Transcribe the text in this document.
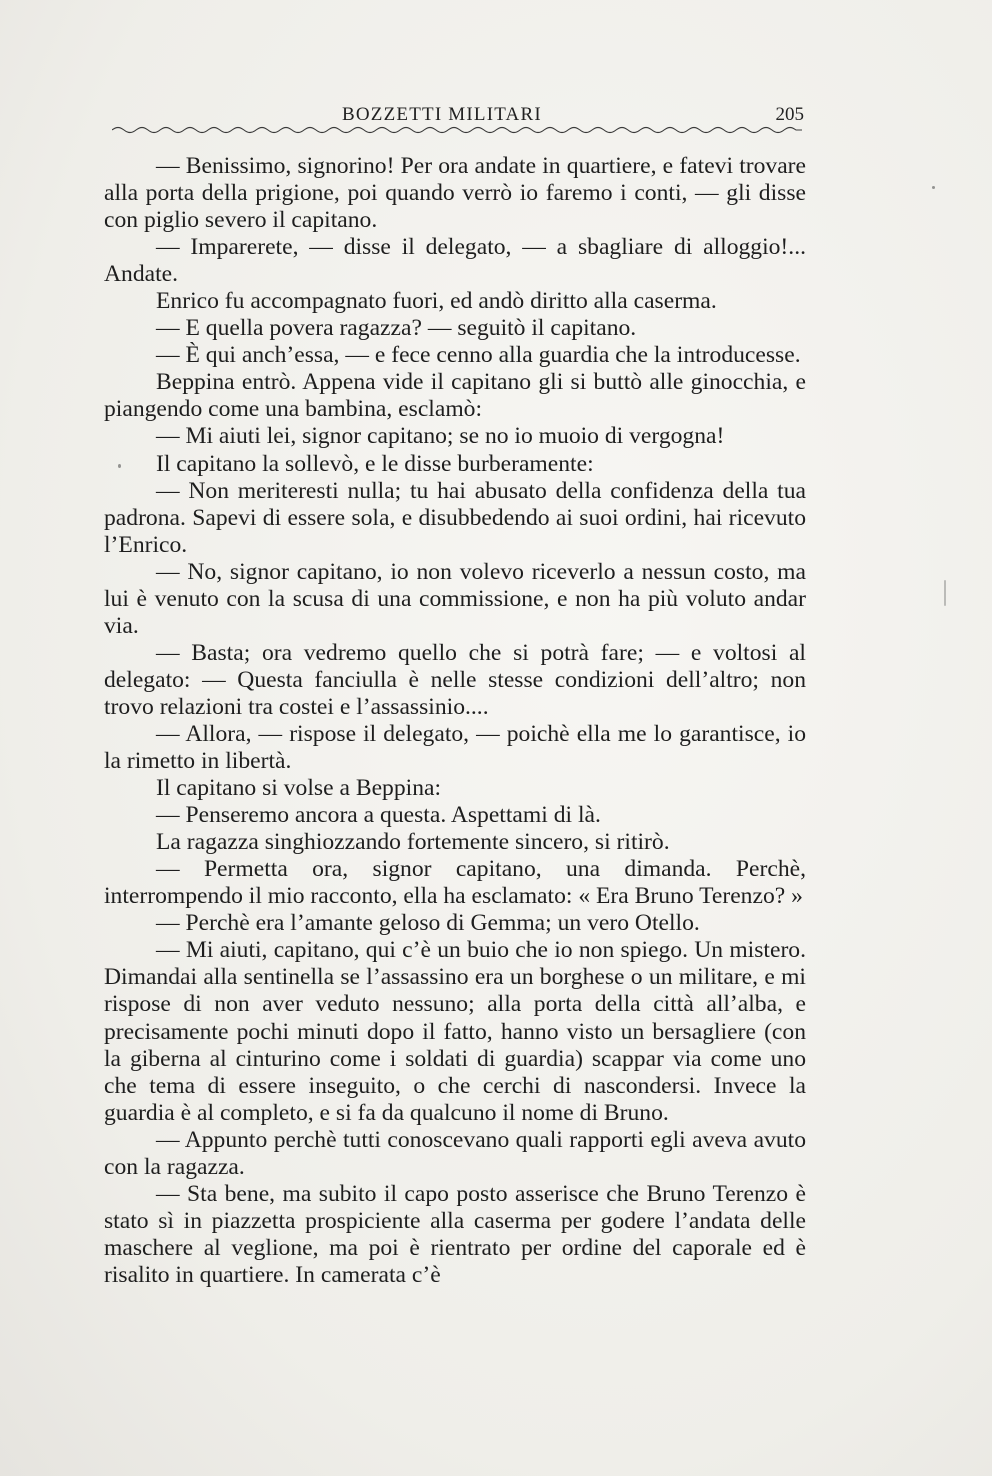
BOZZETTI MILITARI	205

— Benissimo, signorino! Per ora andate in quartiere, e fatevi trovare alla porta della prigione, poi quando verrò io faremo i conti, — gli disse con piglio severo il capitano.

— Imparerete, — disse il delegato, — a sbagliare di alloggio!... Andate.

Enrico fu accompagnato fuori, ed andò diritto alla caserma.

— E quella povera ragazza? — seguitò il capitano.

— È qui anch’essa, — e fece cenno alla guardia che la introducesse.

Beppina entrò. Appena vide il capitano gli si buttò alle ginocchia, e piangendo come una bambina, esclamò:

— Mi aiuti lei, signor capitano; se no io muoio di vergogna!

Il capitano la sollevò, e le disse burberamente:

— Non meriteresti nulla; tu hai abusato della confidenza della tua padrona. Sapevi di essere sola, e disubbedendo ai suoi ordini, hai ricevuto l’Enrico.

— No, signor capitano, io non volevo riceverlo a nessun costo, ma lui è venuto con la scusa di una commissione, e non ha più voluto andar via.

— Basta; ora vedremo quello che si potrà fare; — e voltosi al delegato: — Questa fanciulla è nelle stesse condizioni dell’altro; non trovo relazioni tra costei e l’assassinio....

— Allora, — rispose il delegato, — poichè ella me lo garantisce, io la rimetto in libertà.

Il capitano si volse a Beppina:

— Penseremo ancora a questa. Aspettami di là.

La ragazza singhiozzando fortemente sincero, si ritirò.

— Permetta ora, signor capitano, una dimanda. Perchè, interrompendo il mio racconto, ella ha esclamato: « Era Bruno Terenzo? »

— Perchè era l’amante geloso di Gemma; un vero Otello.

— Mi aiuti, capitano, qui c’è un buio che io non spiego. Un mistero. Dimandai alla sentinella se l’assassino era un borghese o un militare, e mi rispose di non aver veduto nessuno; alla porta della città all’alba, e precisamente pochi minuti dopo il fatto, hanno visto un bersagliere (con la giberna al cinturino come i soldati di guardia) scappar via come uno che tema di essere inseguito, o che cerchi di nascondersi. Invece la guardia è al completo, e si fa da qualcuno il nome di Bruno.

— Appunto perchè tutti conoscevano quali rapporti egli aveva avuto con la ragazza.

— Sta bene, ma subito il capo posto asserisce che Bruno Terenzo è stato sì in piazzetta prospiciente alla caserma per godere l’andata delle maschere al veglione, ma poi è rientrato per ordine del caporale ed è risalito in quartiere. In camerata c’è
